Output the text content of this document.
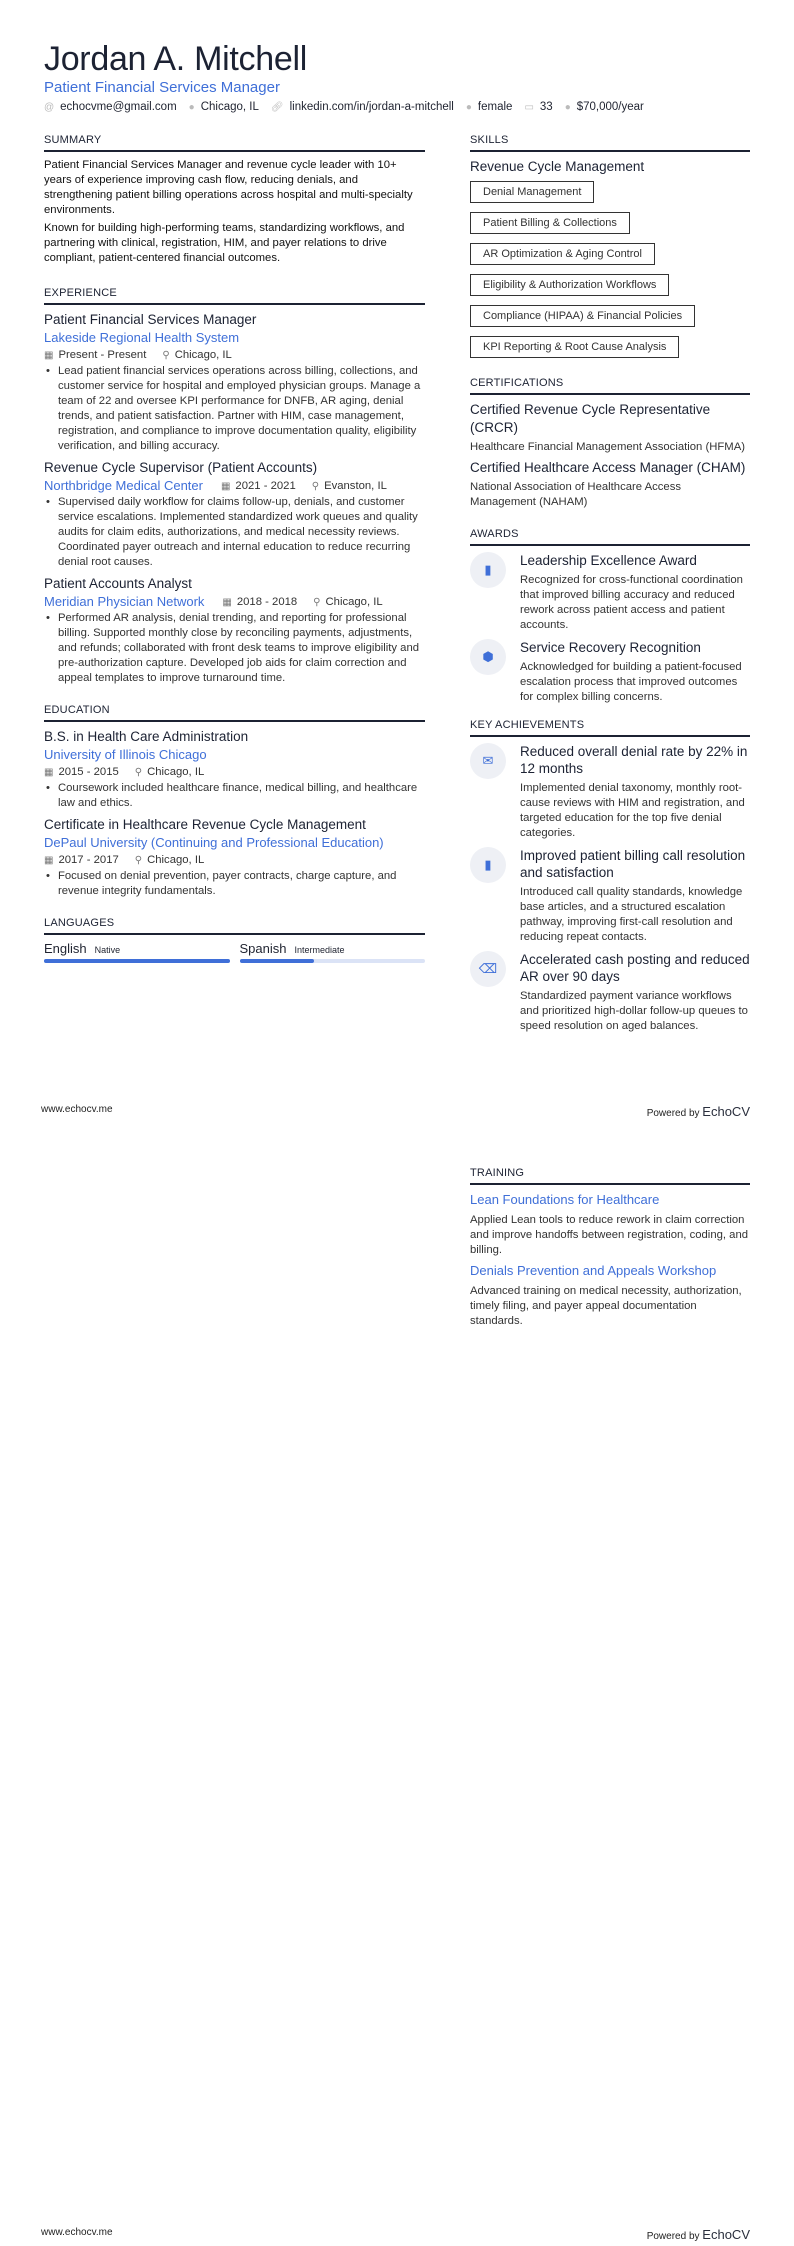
Jordan A. Mitchell
Patient Financial Services Manager
@ echocvme@gmail.com ● Chicago, IL 🔗︎ linkedin.com/in/jordan-a-mitchell ● female ▭ 33 ● $70,000/year
SUMMARY

Patient Financial Services Manager and revenue cycle leader with 10+ years of experience improving cash flow, reducing denials, and strengthening patient billing operations across hospital and multi-specialty environments.

Known for building high-performing teams, standardizing workflows, and partnering with clinical, registration, HIM, and payer relations to drive compliant, patient-centered financial outcomes.

EXPERIENCE
Patient Financial Services Manager
Lakeside Regional Health System
▦ Present - Present ⚲ Chicago, IL
• Lead patient financial services operations across billing, collections, and customer service for hospital and employed physician groups. Manage a team of 22 and oversee KPI performance for DNFB, AR aging, denial trends, and patient satisfaction. Partner with HIM, case management, registration, and compliance to improve documentation quality, eligibility verification, and billing accuracy.
Revenue Cycle Supervisor (Patient Accounts)
Northbridge Medical Center ▦ 2021 - 2021 ⚲ Evanston, IL
• Supervised daily workflow for claims follow-up, denials, and customer service escalations. Implemented standardized work queues and quality audits for claim edits, authorizations, and medical necessity reviews. Coordinated payer outreach and internal education to reduce recurring denial root causes.
Patient Accounts Analyst
Meridian Physician Network ▦ 2018 - 2018 ⚲ Chicago, IL
• Performed AR analysis, denial trending, and reporting for professional billing. Supported monthly close by reconciling payments, adjustments, and refunds; collaborated with front desk teams to improve eligibility and pre-authorization capture. Developed job aids for claim correction and appeal templates to improve turnaround time.
EDUCATION
B.S. in Health Care Administration
University of Illinois Chicago
▦ 2015 - 2015 ⚲ Chicago, IL
• Coursework included healthcare finance, medical billing, and healthcare law and ethics.
Certificate in Healthcare Revenue Cycle Management
DePaul University (Continuing and Professional Education)
▦ 2017 - 2017 ⚲ Chicago, IL
• Focused on denial prevention, payer contracts, charge capture, and revenue integrity fundamentals.
LANGUAGES
English Native	Spanish Intermediate
SKILLS
Revenue Cycle Management
Denial Management
Patient Billing & Collections
AR Optimization & Aging Control
Eligibility & Authorization Workflows
Compliance (HIPAA) & Financial Policies
KPI Reporting & Root Cause Analysis
CERTIFICATIONS
Certified Revenue Cycle Representative (CRCR)
Healthcare Financial Management Association (HFMA)
Certified Healthcare Access Manager (CHAM)
National Association of Healthcare Access Management (NAHAM)
AWARDS
▮
Leadership Excellence Award
Recognized for cross-functional coordination that improved billing accuracy and reduced rework across patient access and patient accounts.
⬢
Service Recovery Recognition
Acknowledged for building a patient-focused escalation process that improved outcomes for complex billing concerns.
KEY ACHIEVEMENTS
✉
Reduced overall denial rate by 22% in 12 months
Implemented denial taxonomy, monthly root-cause reviews with HIM and registration, and targeted education for the top five denial categories.
▮
Improved patient billing call resolution and satisfaction
Introduced call quality standards, knowledge base articles, and a structured escalation pathway, improving first-call resolution and reducing repeat contacts.
⌫
Accelerated cash posting and reduced AR over 90 days
Standardized payment variance workflows and prioritized high-dollar follow-up queues to speed resolution on aged balances.
www.echocv.me	Powered by EchoCV
TRAINING
Lean Foundations for Healthcare
Applied Lean tools to reduce rework in claim correction and improve handoffs between registration, coding, and billing.
Denials Prevention and Appeals Workshop
Advanced training on medical necessity, authorization, timely filing, and payer appeal documentation standards.
www.echocv.me	Powered by EchoCV
